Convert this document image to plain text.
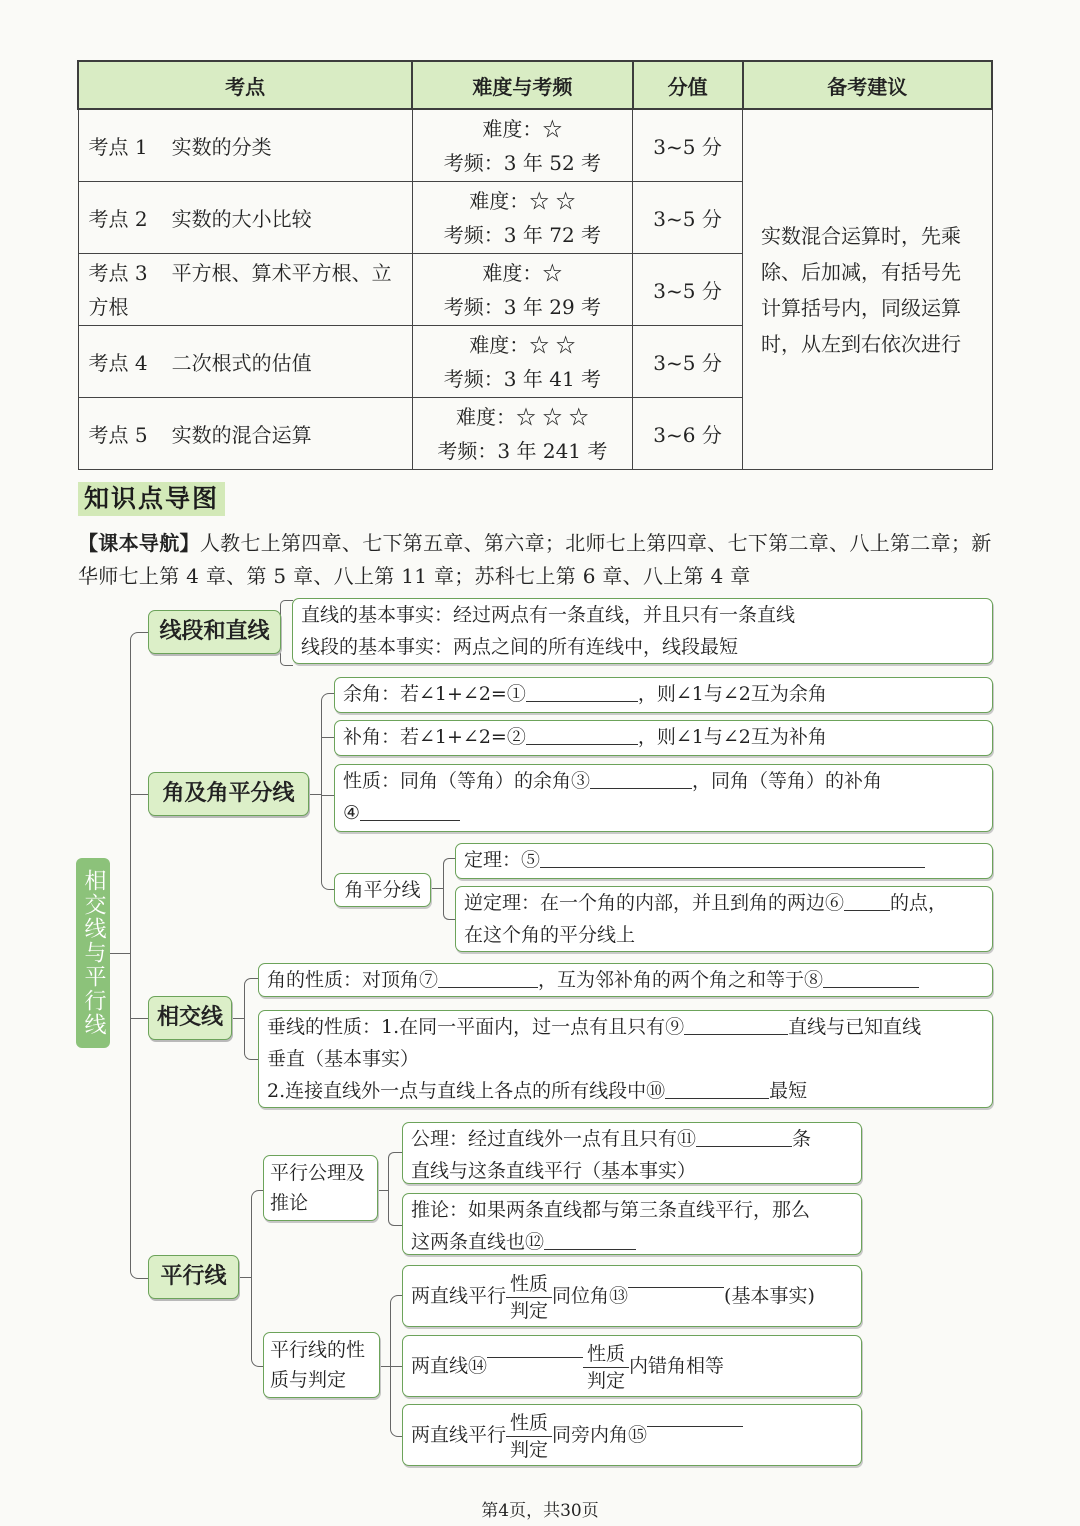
考点	难度与考频	分值	备考建议
考点 1 实数的分类	难度：☆
考频：3 年 52 考	3~5 分	实数混合运算时，先乘除、后加减，有括号先计算括号内，同级运算时，从左到右依次进行

考点 2 实数的大小比较	难度：☆ ☆
考频：3 年 72 考	3~5 分	
考点 3 平方根、算术平方根、立方根	难度：☆
考频：3 年 29 考	3~5 分	
考点 4 二次根式的估值	难度：☆ ☆
考频：3 年 41 考	3~5 分	
考点 5 实数的混合运算	难度：☆ ☆ ☆
考频：3 年 241 考	3~6 分	
知识点导图
【课本导航】人教七上第四章、七下第五章、第六章；北师七上第四章、七下第二章、八上第二章；新华师七上第 4 章、第 5 章、八上第 11 章；苏科七上第 6 章、八上第 4 章
相交线与平行线
线段和直线
直线的基本事实：经过两点有一条直线，并且只有一条直线
线段的基本事实：两点之间的所有连线中，线段最短
角及角平分线
余角：若∠1+∠2=①	，则∠1与∠2互为余角
补角：若∠1+∠2=②	，则∠1与∠2互为补角
性质：同角（等角）的余角③	，同角（等角）的补角
④
角平分线
定理：⑤
逆定理：在一个角的内部，并且到角的两边⑥ 的点，
在这个角的平分线上
相交线
角的性质：对顶角⑦	，互为邻补角的两个角之和等于⑧
垂线的性质：1.在同一平面内，过一点有且只有⑨	直线与已知直线
垂直（基本事实）
2.连接直线外一点与直线上各点的所有线段中⑩	最短
平行线
平行公理及推论
公理：经过直线外一点有且只有⑪	条
直线与这条直线平行（基本事实）
推论：如果两条直线都与第三条直线平行，那么
这两条直线也⑫
平行线的性质与判定
两直线平行 $\frac{\text{性质}}{\text{判定}}$ 同位角⑬	(基本事实)
两直线⑭	$\frac{\text{性质}}{\text{判定}}$ 内错角相等
两直线平行 $\frac{\text{性质}}{\text{判定}}$ 同旁内角⑮
第4页，共30页
